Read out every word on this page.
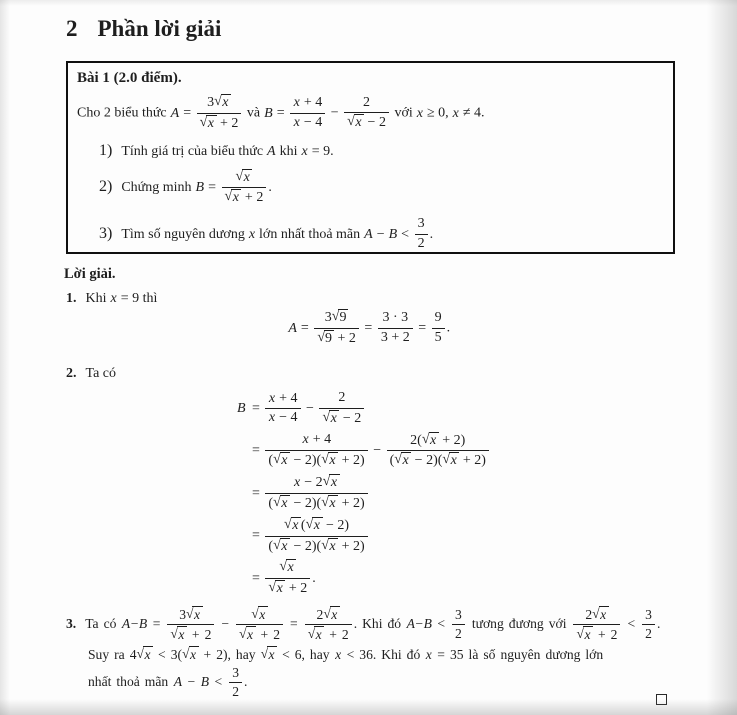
2 Phần lời giải
Bài 1 (2.0 điểm).
Cho 2 biểu thức $A = \frac{3√x}{√x + 2}$ và $B = \frac{x + 4}{x - 4} - \frac{2}{√x - 2}$ với x ≥ 0, x ≠ 4.
1) Tính giá trị của biểu thức A khi x = 9.
2) Chứng minh $B = \frac{√x}{√x + 2}$ .
3) Tìm số nguyên dương x lớn nhất thoả mãn $A - B < \frac{3}{2}$ .
Lời giải.
1. Khi x = 9 thì
$A = \frac{3√9}{√9 + 2} = \frac{3 \cdot 3}{3 + 2} = \frac{9}{5}$ .
2. Ta có
$B = \frac{x + 4}{x - 4} - \frac{2}{√x - 2}$
= $\frac{x + 4}{(√x - 2)(√x + 2)} - \frac{2(√x + 2)}{(√x - 2)(√x + 2)}$
= $\frac{x - 2√x}{(√x - 2)(√x + 2)}$
= $\frac{√x (√x - 2)}{(√x - 2)(√x + 2)}$
= $\frac{√x}{√x + 2}$ .
3. Ta có $A-B = \frac{3√x}{√x + 2} - \frac{√x}{√x + 2} = \frac{2√x}{√x + 2}$ . Khi đó $A-B < \frac{3}{2}$ tương đương với $\frac{2√x}{√x + 2} < \frac{3}{2}$ .
Suy ra 4√x < 3(√x + 2), hay √x < 6, hay x < 36. Khi đó x = 35 là số nguyên dương lớn
nhất thoả mãn $A - B < \frac{3}{2}$ .
